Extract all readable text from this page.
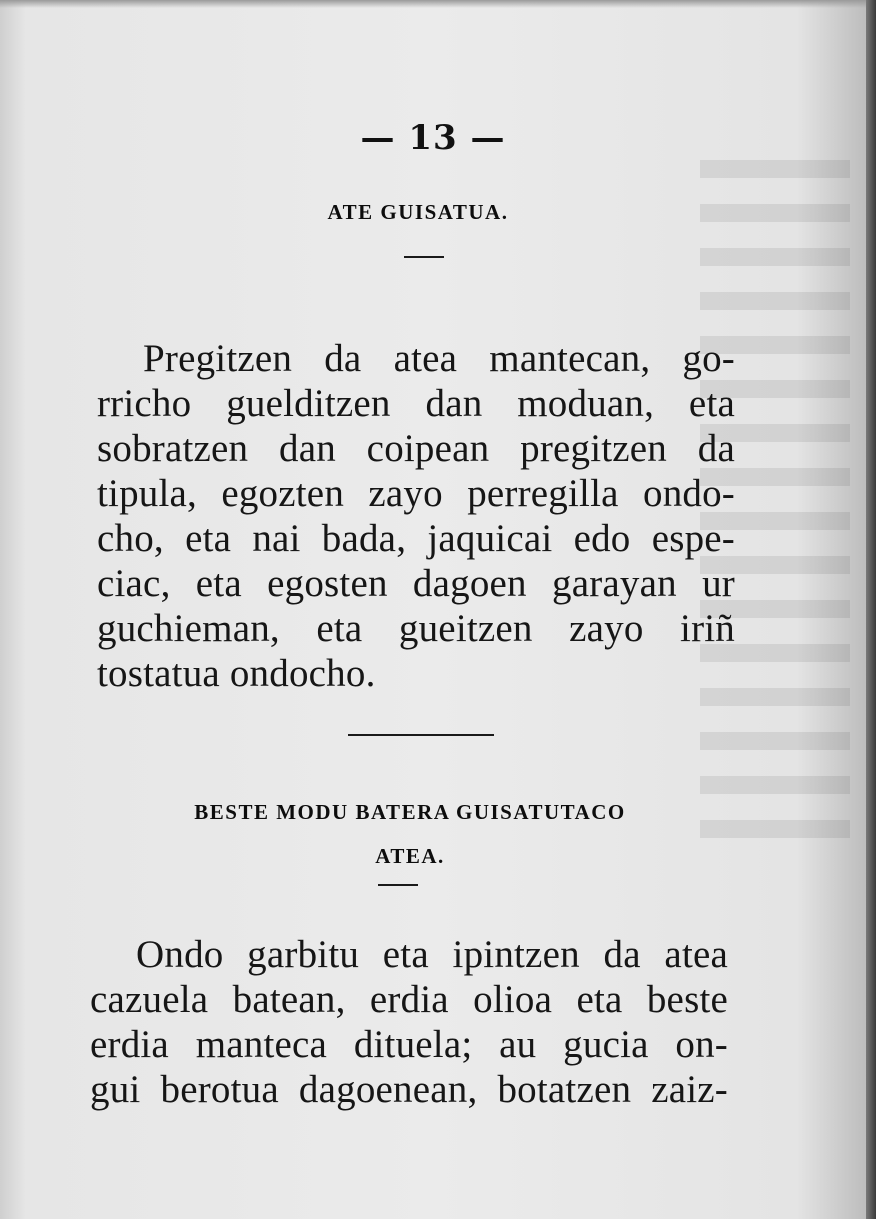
— 13 —
ATE GUISATUA.
Pregitzen da atea mantecan, go-
rricho guelditzen dan moduan, eta
sobratzen dan coipean pregitzen da
tipula, egozten zayo perregilla ondo-
cho, eta nai bada, jaquicai edo espe-
ciac, eta egosten dagoen garayan ur
guchieman, eta gueitzen zayo iriñ
tostatua ondocho.
BESTE MODU BATERA GUISATUTACO
ATEA.
Ondo garbitu eta ipintzen da atea
cazuela batean, erdia olioa eta beste
erdia manteca dituela; au gucia on-
gui berotua dagoenean, botatzen zaiz-
